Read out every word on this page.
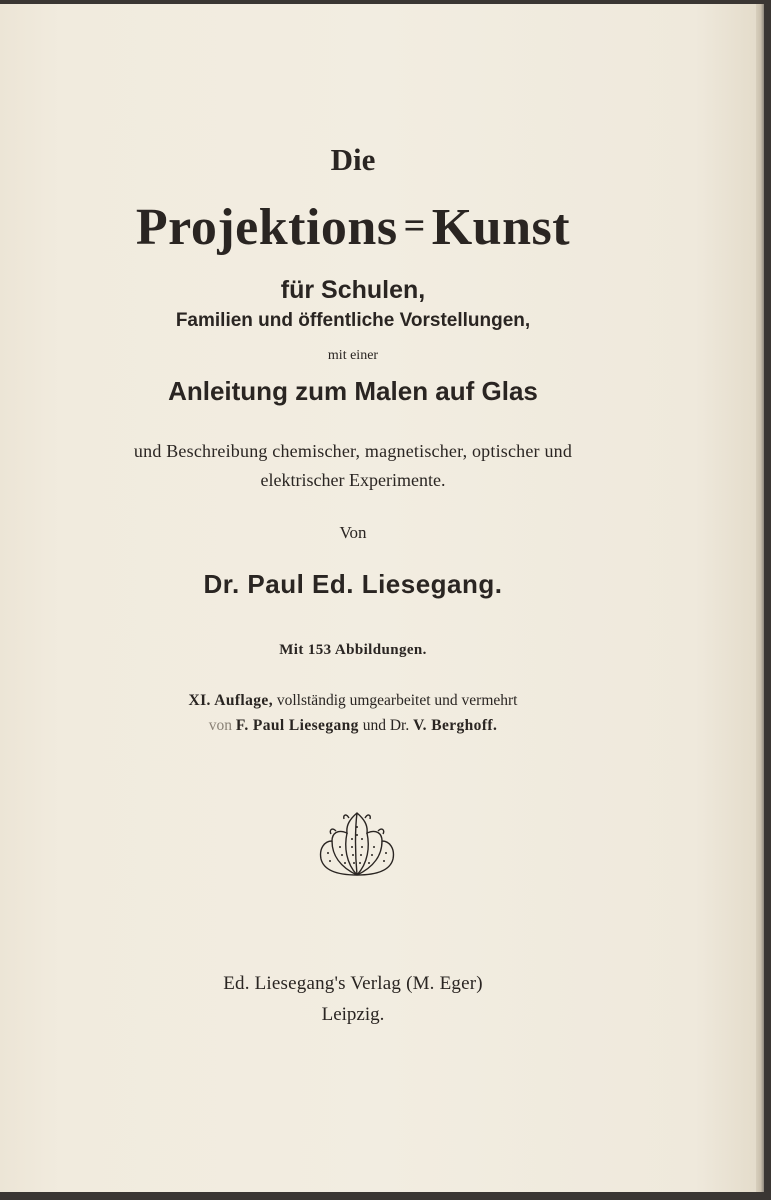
Die
Projektions = Kunst
für Schulen,
Familien und öffentliche Vorstellungen,
mit einer
Anleitung zum Malen auf Glas
und Beschreibung chemischer, magnetischer, optischer und
elektrischer Experimente.
Von
Dr. Paul Ed. Liesegang.
Mit 153 Abbildungen.
XI. Auflage, vollständig umgearbeitet und vermehrt
von F. Paul Liesegang und Dr. V. Berghoff.
Ed. Liesegang's Verlag (M. Eger)
Leipzig.
